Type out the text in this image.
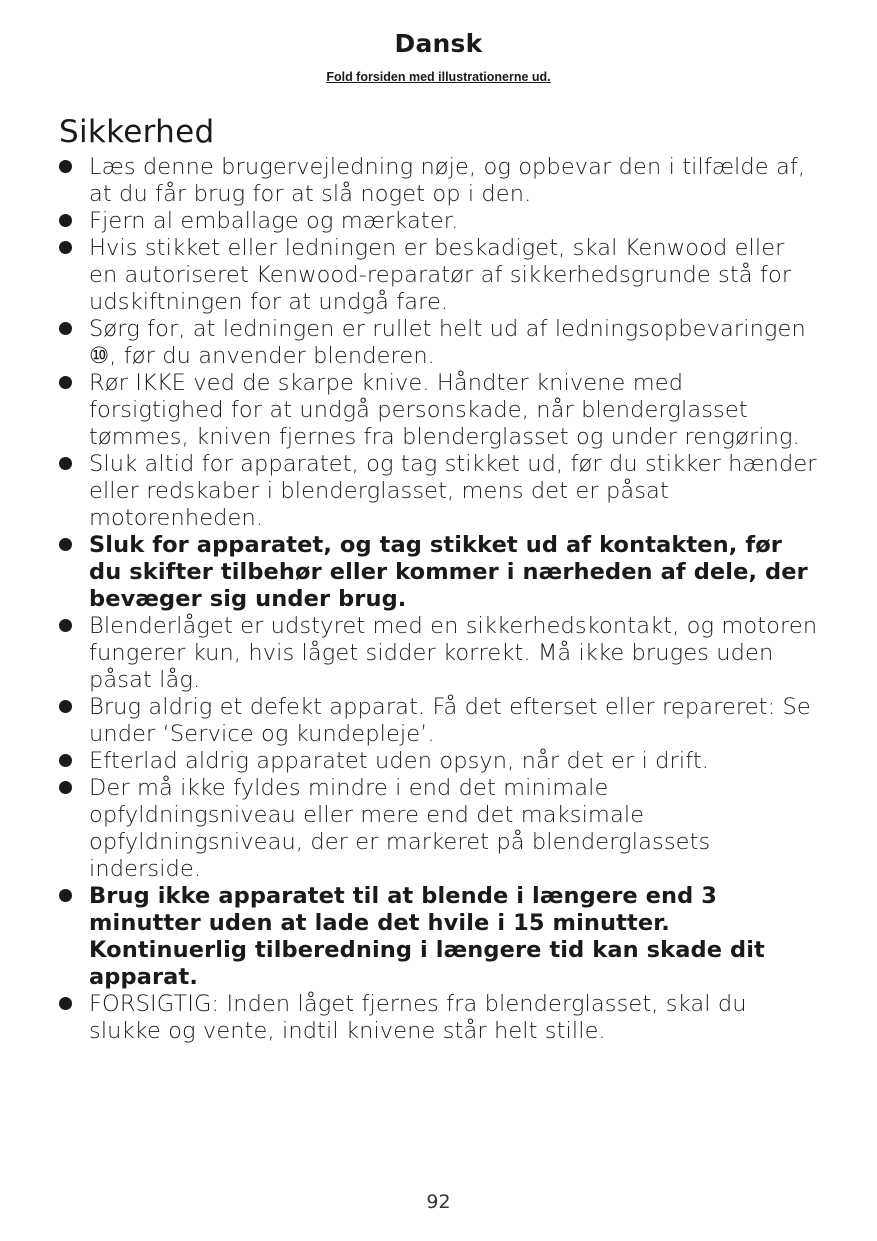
Dansk
Fold forsiden med illustrationerne ud.
Sikkerhed
Læs denne brugervejledning nøje, og opbevar den i tilfælde af, at du får brug for at slå noget op i den.
Fjern al emballage og mærkater.
Hvis stikket eller ledningen er beskadiget, skal Kenwood eller en autoriseret Kenwood-reparatør af sikkerhedsgrunde stå for udskiftningen for at undgå fare.
Sørg for, at ledningen er rullet helt ud af ledningsopbevaringen ⑩, før du anvender blenderen.
Rør IKKE ved de skarpe knive. Håndter knivene med forsigtighed for at undgå personskade, når blenderglasset tømmes, kniven fjernes fra blenderglasset og under rengøring.
Sluk altid for apparatet, og tag stikket ud, før du stikker hænder eller redskaber i blenderglasset, mens det er påsat motorenheden.
Sluk for apparatet, og tag stikket ud af kontakten, før du skifter tilbehør eller kommer i nærheden af dele, der bevæger sig under brug.
Blenderlåget er udstyret med en sikkerhedskontakt, og motoren fungerer kun, hvis låget sidder korrekt. Må ikke bruges uden påsat låg.
Brug aldrig et defekt apparat. Få det efterset eller repareret: Se under ‘Service og kundepleje’.
Efterlad aldrig apparatet uden opsyn, når det er i drift.
Der må ikke fyldes mindre i end det minimale opfyldningsniveau eller mere end det maksimale opfyldningsniveau, der er markeret på blenderglassets inderside.
Brug ikke apparatet til at blende i længere end 3 minutter uden at lade det hvile i 15 minutter. Kontinuerlig tilberedning i længere tid kan skade dit apparat.
FORSIGTIG: Inden låget fjernes fra blenderglasset, skal du slukke og vente, indtil knivene står helt stille.
92
